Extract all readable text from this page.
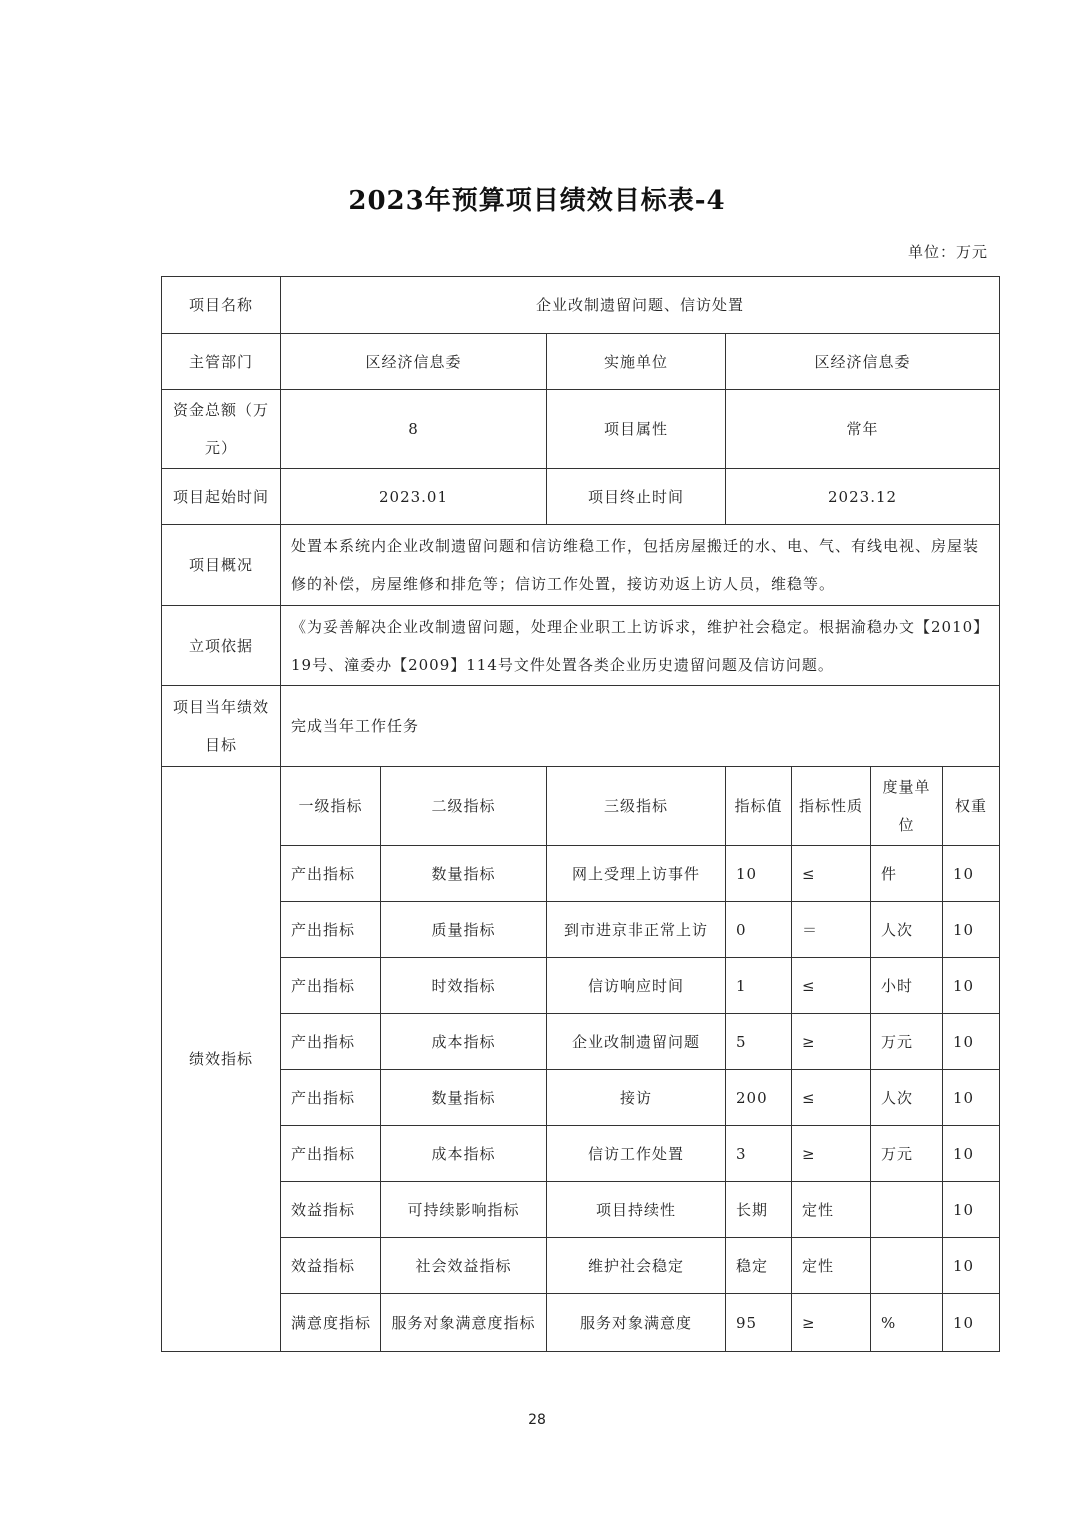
2023年预算项目绩效目标表-4
单位：万元
项目名称	企业改制遗留问题、信访处置						
主管部门	区经济信息委		实施单位	区经济信息委			
资金总额（万元）	8		项目属性	常年			
项目起始时间	2023.01		项目终止时间	2023.12			
项目概况	处置本系统内企业改制遗留问题和信访维稳工作，包括房屋搬迁的水、电、气、有线电视、房屋装修的补偿，房屋维修和排危等；信访工作处置，接访劝返上访人员，维稳等。						
立项依据	《为妥善解决企业改制遗留问题，处理企业职工上访诉求，维护社会稳定。根据渝稳办文【2010】19号、潼委办【2009】114号文件处置各类企业历史遗留问题及信访问题。						
项目当年绩效目标	完成当年工作任务						
绩效指标	一级指标	二级指标	三级指标	指标值	指标性质	度量单位	权重
	产出指标	数量指标	网上受理上访事件	10	≤	件	10
	产出指标	质量指标	到市进京非正常上访	0	＝	人次	10
	产出指标	时效指标	信访响应时间	1	≤	小时	10
	产出指标	成本指标	企业改制遗留问题	5	≥	万元	10
	产出指标	数量指标	接访	200	≤	人次	10
	产出指标	成本指标	信访工作处置	3	≥	万元	10
	效益指标	可持续影响指标	项目持续性	长期	定性		10
	效益指标	社会效益指标	维护社会稳定	稳定	定性		10
	满意度指标	服务对象满意度指标	服务对象满意度	95	≥	%	10
28
